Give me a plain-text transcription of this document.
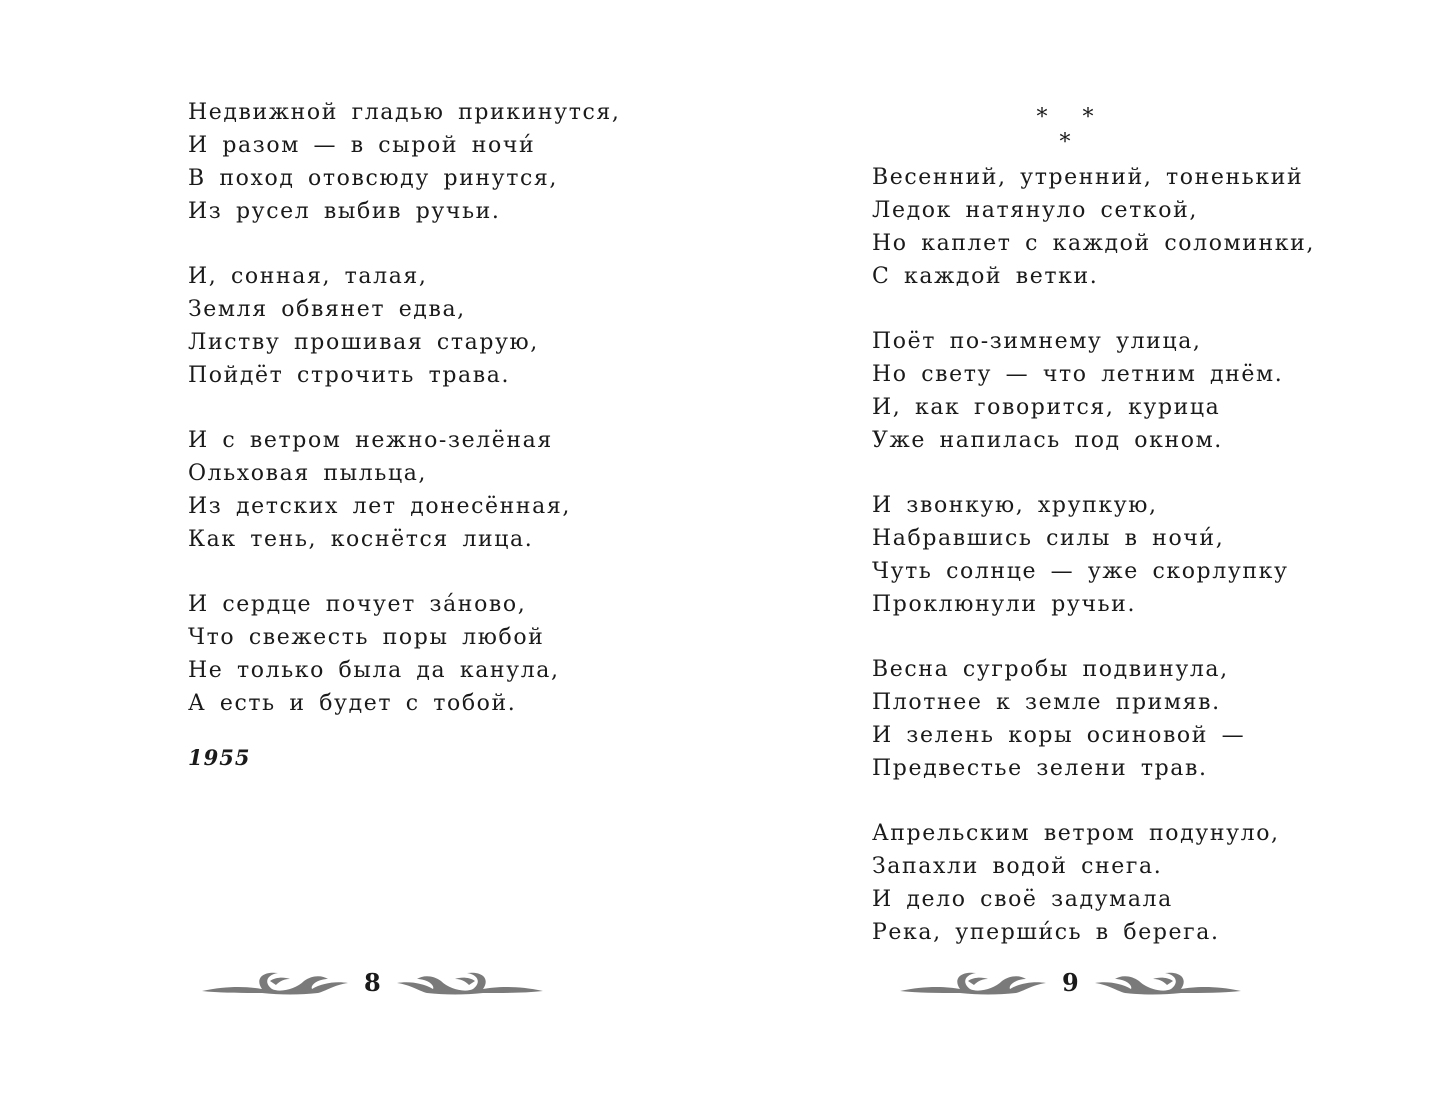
Недвижной гладью прикинутся,
И разом — в сырой ночи́
В поход отовсюду ринутся,
Из русел выбив ручьи.
И, сонная, талая,
Земля обвянет едва,
Листву прошивая старую,
Пойдёт строчить трава.
И с ветром нежно-зелёная
Ольховая пыльца,
Из детских лет донесённая,
Как тень, коснётся лица.
И сердце почует за́ново,
Что свежесть поры любой
Не только была да канула,
А есть и будет с тобой.
1955
* * *
Весенний, утренний, тоненький
Ледок натянуло сеткой,
Но каплет с каждой соломинки,
С каждой ветки.
Поёт по-зимнему улица,
Но свету — что летним днём.
И, как говорится, курица
Уже напилась под окном.
И звонкую, хрупкую,
Набравшись силы в ночи́,
Чуть солнце — уже скорлупку
Проклюнули ручьи.
Весна сугробы подвинула,
Плотнее к земле примяв.
И зелень коры осиновой —
Предвестье зелени трав.
Апрельским ветром подунуло,
Запахли водой снега.
И дело своё задумала
Река, уперши́сь в берега.
8	9
